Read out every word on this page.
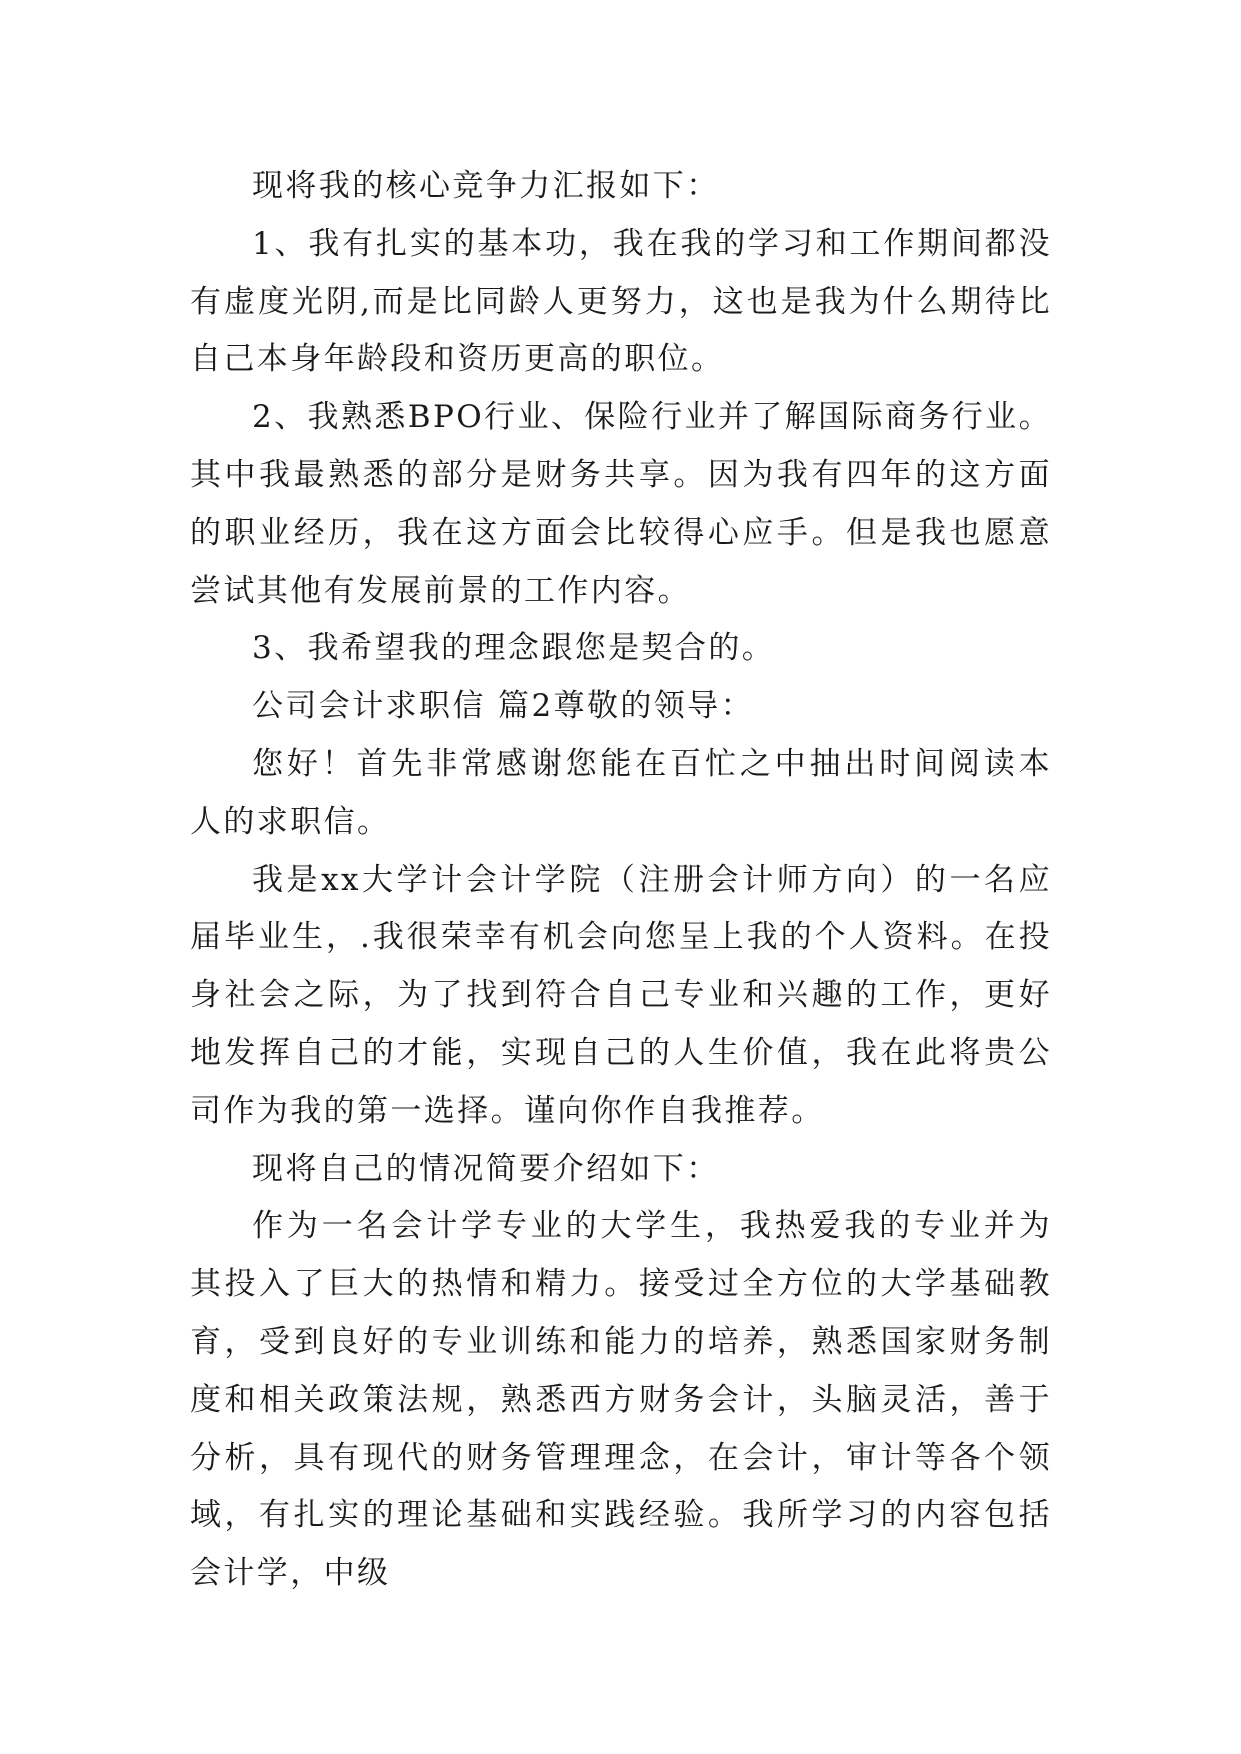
现将我的核心竞争力汇报如下：

1、我有扎实的基本功，我在我的学习和工作期间都没有虚度光阴,而是比同龄人更努力，这也是我为什么期待比自己本身年龄段和资历更高的职位。

2、我熟悉BPO行业、保险行业并了解国际商务行业。其中我最熟悉的部分是财务共享。因为我有四年的这方面的职业经历，我在这方面会比较得心应手。但是我也愿意尝试其他有发展前景的工作内容。

3、我希望我的理念跟您是契合的。

公司会计求职信 篇2尊敬的领导：

您好！首先非常感谢您能在百忙之中抽出时间阅读本人的求职信。

我是xx大学计会计学院（注册会计师方向）的一名应届毕业生，.我很荣幸有机会向您呈上我的个人资料。在投身社会之际，为了找到符合自己专业和兴趣的工作，更好地发挥自己的才能，实现自己的人生价值，我在此将贵公司作为我的第一选择。谨向你作自我推荐。

现将自己的情况简要介绍如下：

作为一名会计学专业的大学生，我热爱我的专业并为其投入了巨大的热情和精力。接受过全方位的大学基础教育，受到良好的专业训练和能力的培养，熟悉国家财务制度和相关政策法规，熟悉西方财务会计，头脑灵活，善于分析，具有现代的财务管理理念，在会计，审计等各个领域，有扎实的理论基础和实践经验。我所学习的内容包括会计学，中级
